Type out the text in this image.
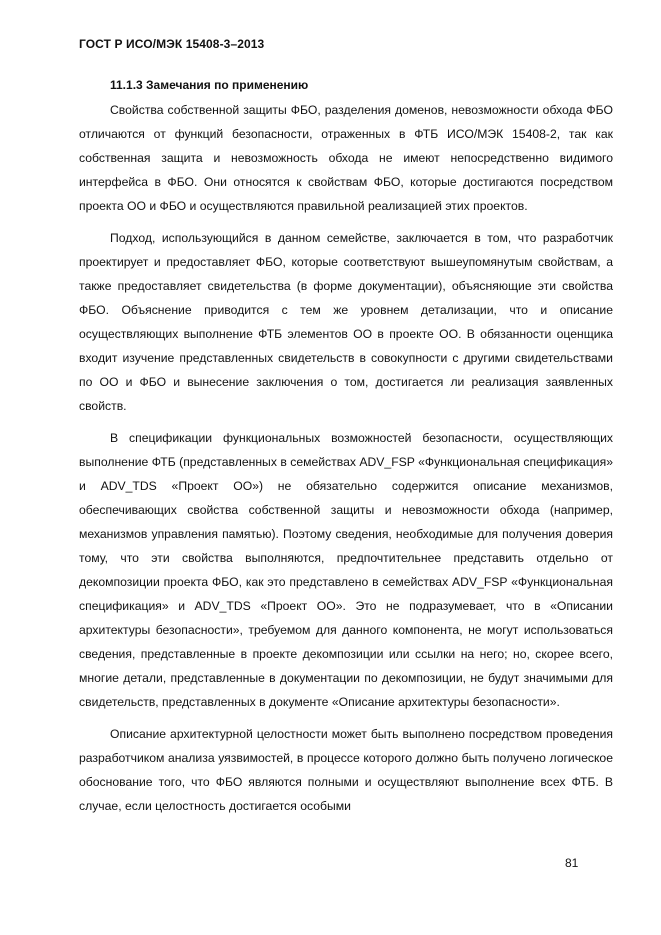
ГОСТ Р ИСО/МЭК 15408-3–2013
11.1.3 Замечания по применению

Свойства собственной защиты ФБО, разделения доменов, невозможности обхода ФБО отличаются от функций безопасности, отраженных в ФТБ ИСО/МЭК 15408-2, так как собственная защита и невозможность обхода не имеют непосредственно видимого интерфейса в ФБО. Они относятся к свойствам ФБО, которые достигаются посредством проекта ОО и ФБО и осуществляются правильной реализацией этих проектов.

Подход, использующийся в данном семействе, заключается в том, что разработчик проектирует и предоставляет ФБО, которые соответствуют вышеупомянутым свойствам, а также предоставляет свидетельства (в форме документации), объясняющие эти свойства ФБО. Объяснение приводится с тем же уровнем детализации, что и описание осуществляющих выполнение ФТБ элементов ОО в проекте ОО. В обязанности оценщика входит изучение представленных свидетельств в совокупности с другими свидетельствами по ОО и ФБО и вынесение заключения о том, достигается ли реализация заявленных свойств.

В спецификации функциональных возможностей безопасности, осуществляющих выполнение ФТБ (представленных в семействах ADV_FSP «Функциональная спецификация» и ADV_TDS «Проект ОО») не обязательно содержится описание механизмов, обеспечивающих свойства собственной защиты и невозможности обхода (например, механизмов управления памятью). Поэтому сведения, необходимые для получения доверия тому, что эти свойства выполняются, предпочтительнее представить отдельно от декомпозиции проекта ФБО, как это представлено в семействах ADV_FSP «Функциональная спецификация» и ADV_TDS «Проект ОО». Это не подразумевает, что в «Описании архитектуры безопасности», требуемом для данного компонента, не могут использоваться сведения, представленные в проекте декомпозиции или ссылки на него; но, скорее всего, многие детали, представленные в документации по декомпозиции, не будут значимыми для свидетельств, представленных в документе «Описание архитектуры безопасности».

Описание архитектурной целостности может быть выполнено посредством проведения разработчиком анализа уязвимостей, в процессе которого должно быть получено логическое обоснование того, что ФБО являются полными и осуществляют выполнение всех ФТБ. В случае, если целостность достигается особыми

81
